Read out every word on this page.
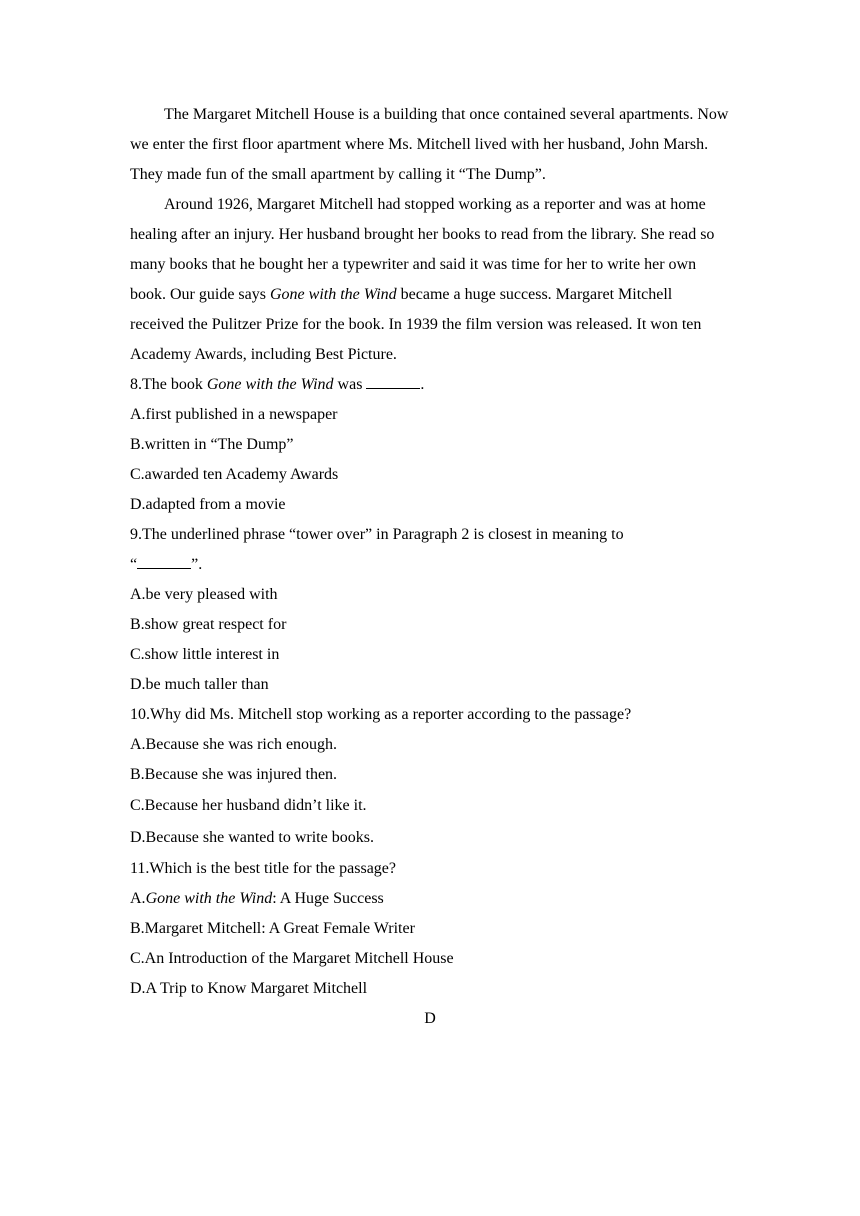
The Margaret Mitchell House is a building that once contained several apartments. Now we enter the first floor apartment where Ms. Mitchell lived with her husband, John Marsh. They made fun of the small apartment by calling it “The Dump”.

Around 1926, Margaret Mitchell had stopped working as a reporter and was at home healing after an injury. Her husband brought her books to read from the library. She read so many books that he bought her a typewriter and said it was time for her to write her own book. Our guide says Gone with the Wind became a huge success. Margaret Mitchell received the Pulitzer Prize for the book. In 1939 the film version was released. It won ten Academy Awards, including Best Picture.

8.The book Gone with the Wind was	.

A.first published in a newspaper

B.written in “The Dump”

C.awarded ten Academy Awards

D.adapted from a movie

9.The underlined phrase “tower over” in Paragraph 2 is closest in meaning to

“	”.

A.be very pleased with

B.show great respect for

C.show little interest in

D.be much taller than

10.Why did Ms. Mitchell stop working as a reporter according to the passage?

A.Because she was rich enough.

B.Because she was injured then.

C.Because her husband didn’t like it.

D.Because she wanted to write books.

11.Which is the best title for the passage?

A.Gone with the Wind: A Huge Success

B.Margaret Mitchell: A Great Female Writer

C.An Introduction of the Margaret Mitchell House

D.A Trip to Know Margaret Mitchell

D
